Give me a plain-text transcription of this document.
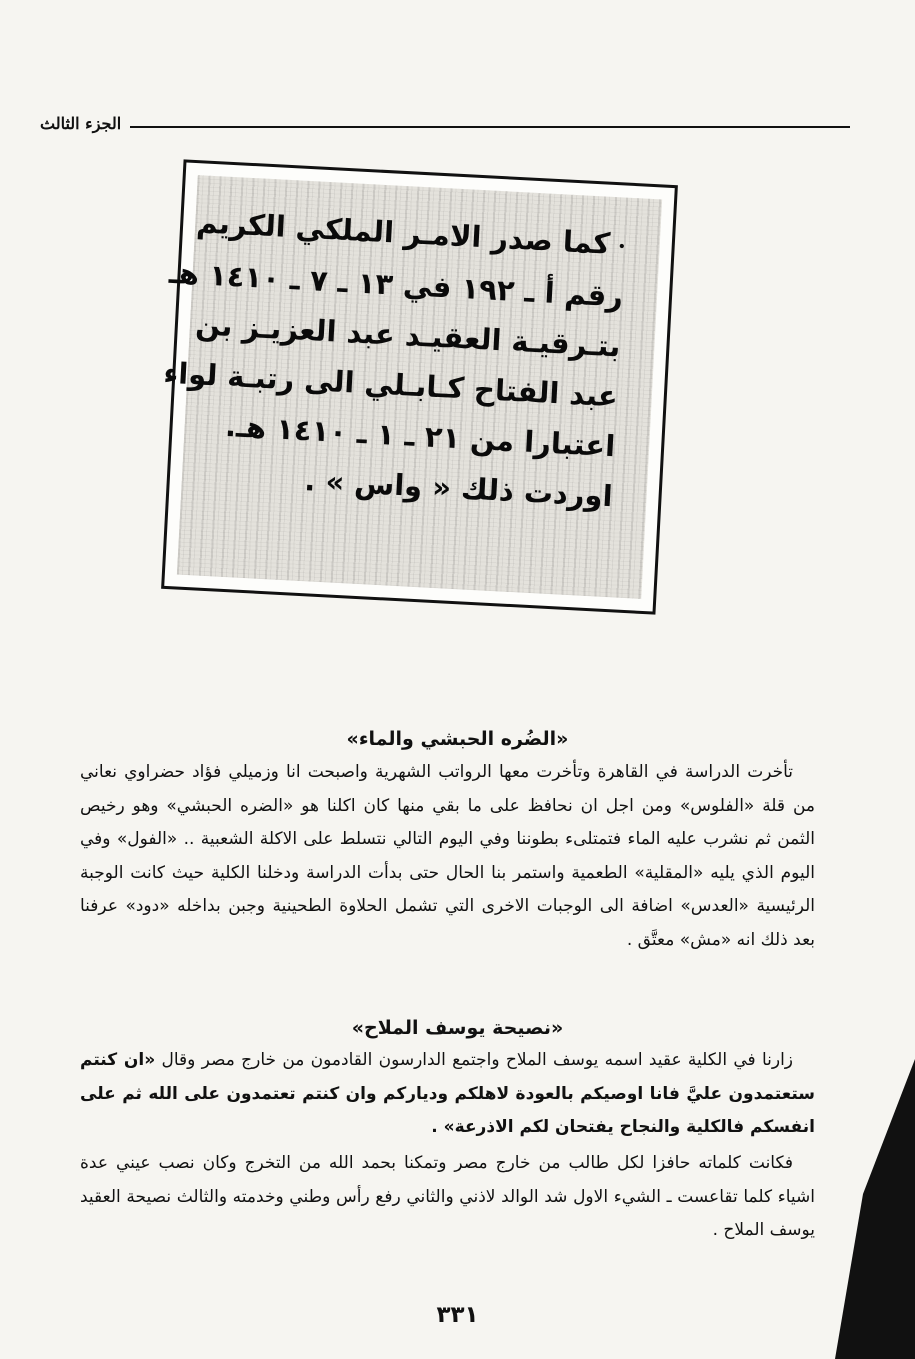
الجزء الثالث
•كما صدر الامـر الملكي الكريم
رقم أ ـ ١٩٢ في ١٣ ـ ٧ ـ ١٤١٠ هـ
بتـرقيـة العقيـد عبد العزيـز بن
عبد الفتاح كـابـلي الى رتبـة لواء
اعتبارا من ٢١ ـ ١ ـ ١٤١٠ هـ.
اوردت ذلك « واس » .
«الضُره الحبشي والماء»
تأخرت الدراسة في القاهرة وتأخرت معها الرواتب الشهرية واصبحت انا وزميلي فؤاد حضراوي نعاني من قلة «الفلوس» ومن اجل ان نحافظ على ما بقي منها كان اكلنا هو «الضره الحبشي» وهو رخيص الثمن ثم نشرب عليه الماء فتمتلىء بطوننا وفي اليوم التالي نتسلط على الاكلة الشعبية .. «الفول» وفي اليوم الذي يليه «المقلية» الطعمية واستمر بنا الحال حتى بدأت الدراسة ودخلنا الكلية حيث كانت الوجبة الرئيسية «العدس» اضافة الى الوجبات الاخرى التي تشمل الحلاوة الطحينية وجبن بداخله «دود» عرفنا بعد ذلك انه «مش» معتَّق .
«نصيحة يوسف الملاح»
زارنا في الكلية عقيد اسمه يوسف الملاح واجتمع الدارسون القادمون من خارج مصر وقال «ان كنتم ستعتمدون عليَّ فانا اوصيكم بالعودة لاهلكم ودياركم وان كنتم تعتمدون على الله ثم على انفسكم فالكلية والنجاح يفتحان لكم الاذرعة» .
فكانت كلماته حافزا لكل طالب من خارج مصر وتمكنا بحمد الله من التخرج وكان نصب عيني عدة اشياء كلما تقاعست ـ الشيء الاول شد الوالد لاذني والثاني رفع رأس وطني وخدمته والثالث نصيحة العقيد يوسف الملاح .
٣٣١
